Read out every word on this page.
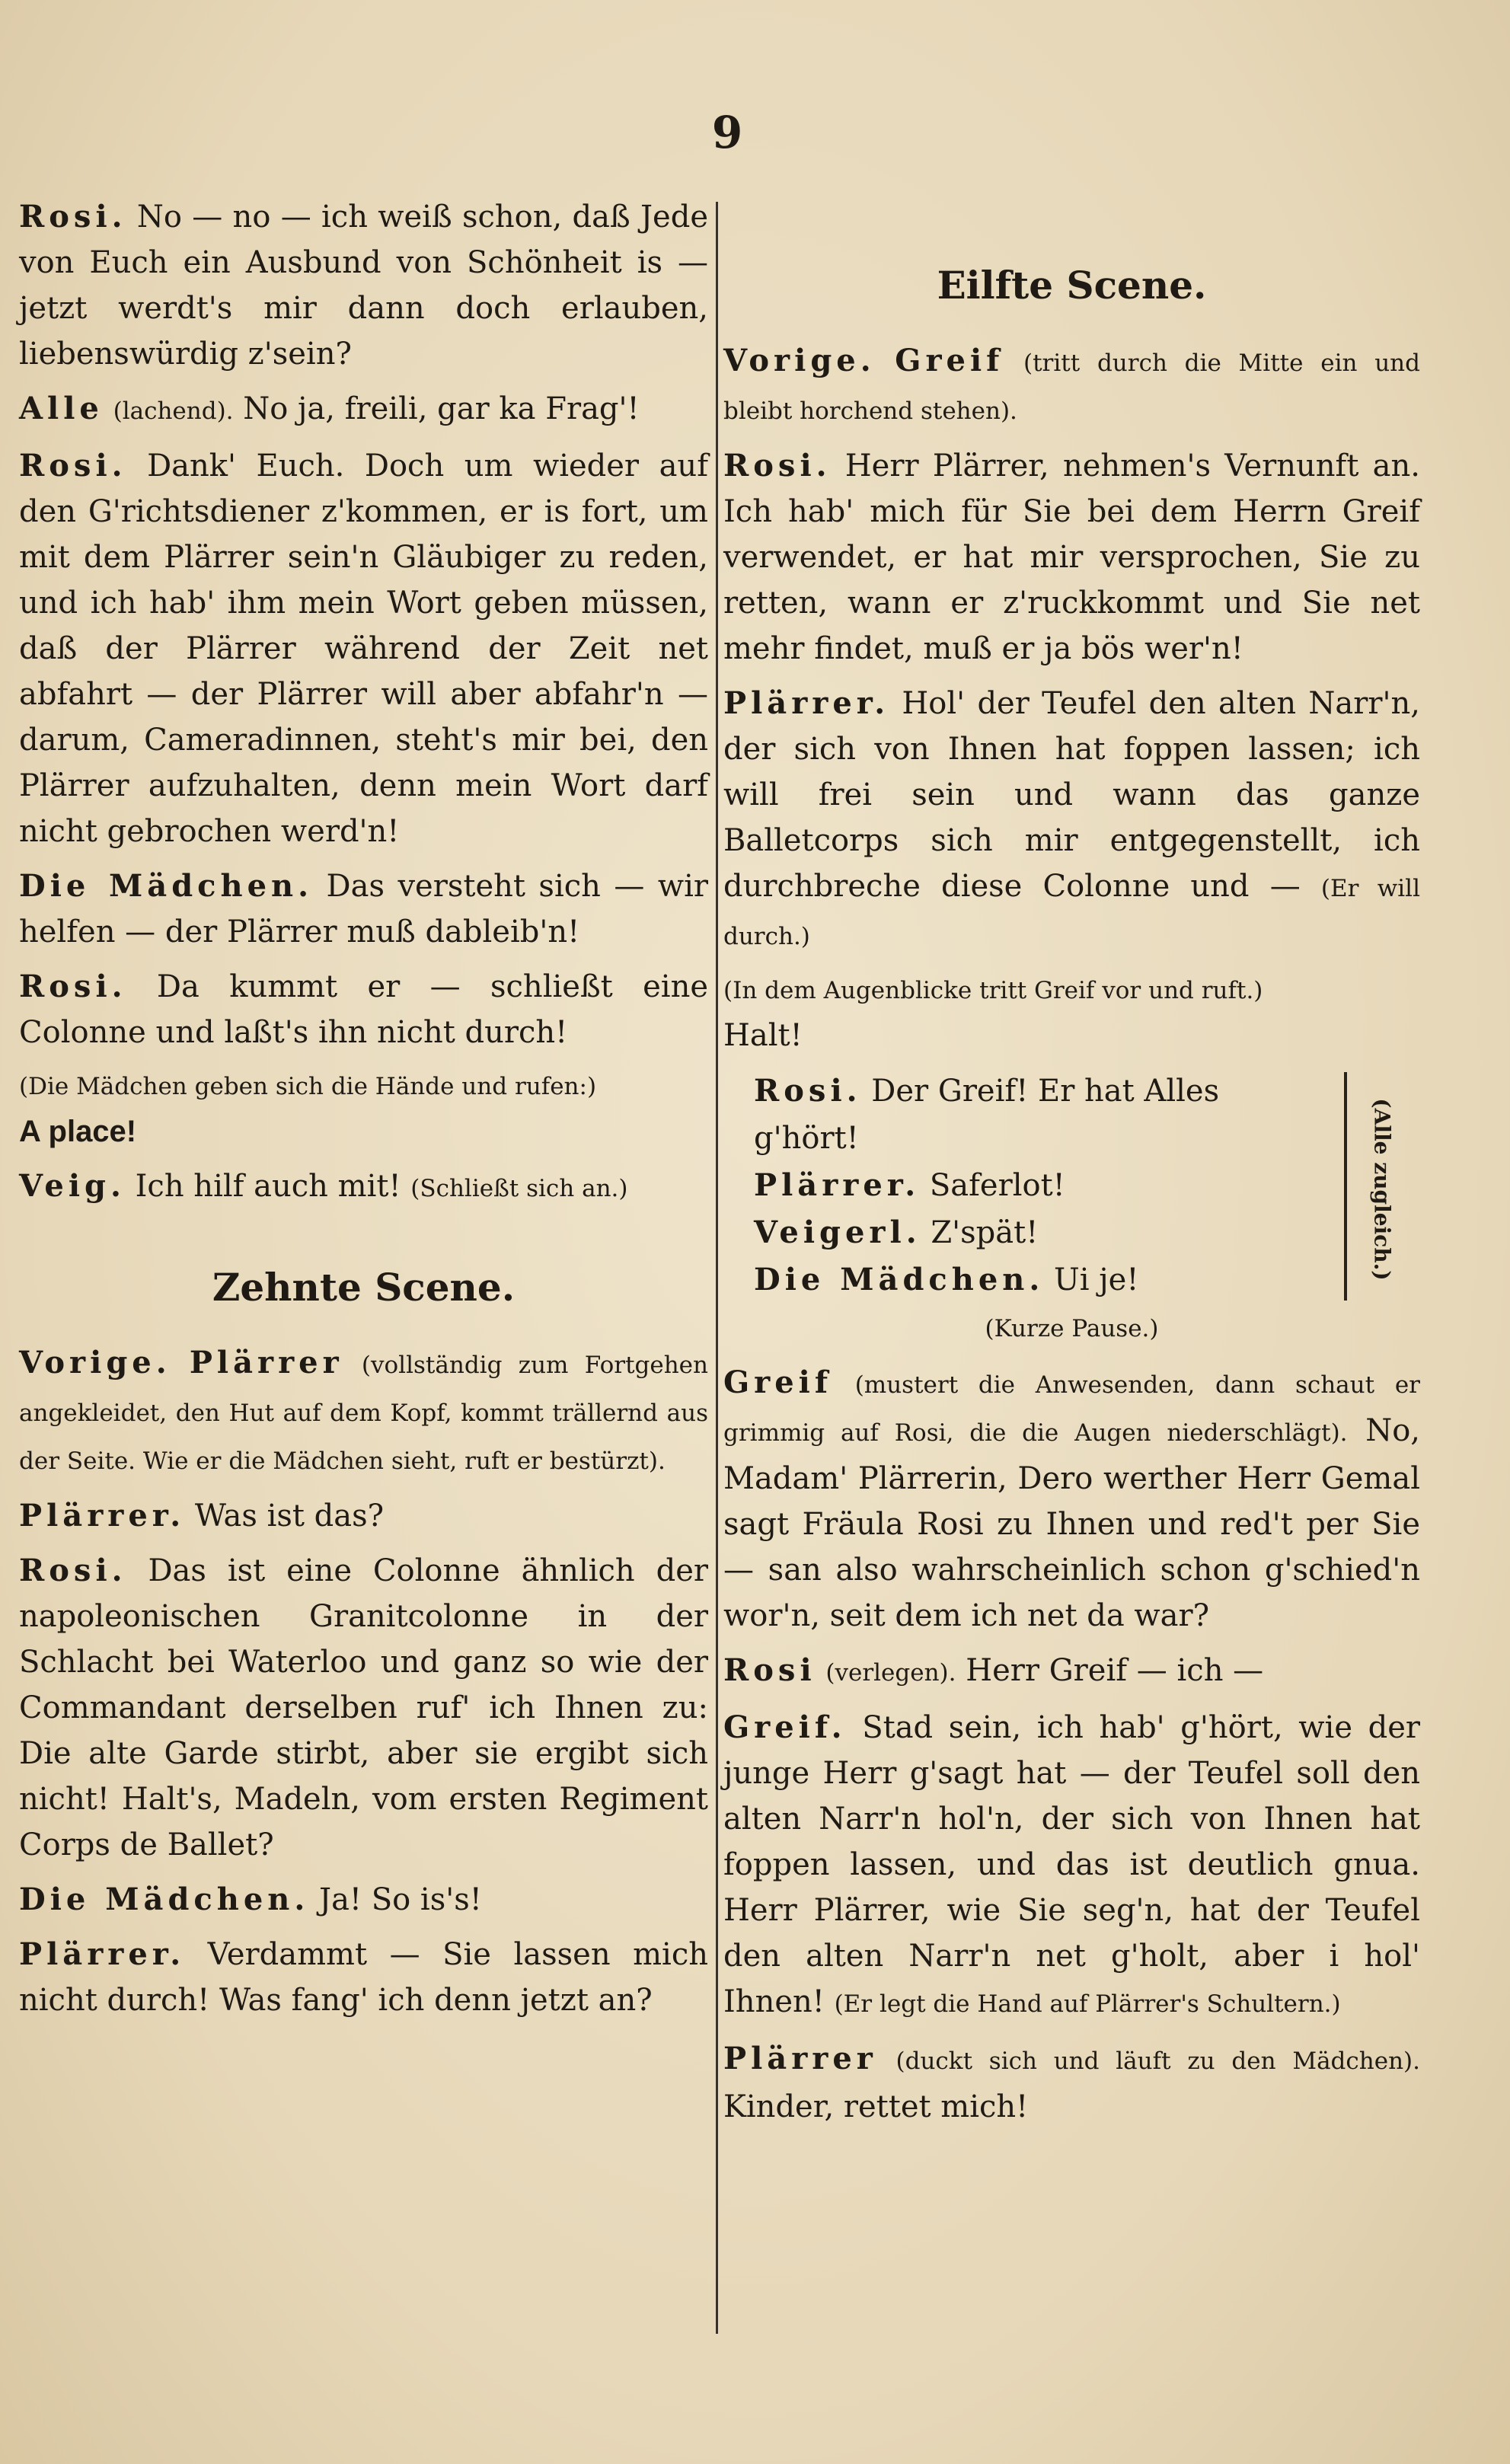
9

Rosi. No — no — ich weiß schon, daß Jede von Euch ein Ausbund von Schönheit is — jetzt werdt's mir dann doch erlauben, liebenswürdig z'sein?

Alle (lachend). No ja, freili, gar ka Frag'!

Rosi. Dank' Euch. Doch um wieder auf den G'richtsdiener z'kommen, er is fort, um mit dem Plärrer sein'n Gläubiger zu reden, und ich hab' ihm mein Wort geben müssen, daß der Plärrer während der Zeit net abfahrt — der Plärrer will aber abfahr'n — darum, Cameradinnen, steht's mir bei, den Plärrer aufzuhalten, denn mein Wort darf nicht gebrochen werd'n!

Die Mädchen. Das versteht sich — wir helfen — der Plärrer muß dableib'n!

Rosi. Da kummt er — schließt eine Colonne und laßt's ihn nicht durch!

(Die Mädchen geben sich die Hände und rufen:)

A place!

Veig. Ich hilf auch mit! (Schließt sich an.)

Zehnte Scene.

Vorige. Plärrer (vollständig zum Fortgehen angekleidet, den Hut auf dem Kopf, kommt trällernd aus der Seite. Wie er die Mädchen sieht, ruft er bestürzt).

Plärrer. Was ist das?

Rosi. Das ist eine Colonne ähnlich der napoleonischen Granitcolonne in der Schlacht bei Waterloo und ganz so wie der Commandant derselben ruf' ich Ihnen zu: Die alte Garde stirbt, aber sie ergibt sich nicht! Halt's, Madeln, vom ersten Regiment Corps de Ballet?

Die Mädchen. Ja! So is's!

Plärrer. Verdammt — Sie lassen mich nicht durch! Was fang' ich denn jetzt an?

Eilfte Scene.

Vorige. Greif (tritt durch die Mitte ein und bleibt horchend stehen).

Rosi. Herr Plärrer, nehmen's Vernunft an. Ich hab' mich für Sie bei dem Herrn Greif verwendet, er hat mir versprochen, Sie zu retten, wann er z'ruckkommt und Sie net mehr findet, muß er ja bös wer'n!

Plärrer. Hol' der Teufel den alten Narr'n, der sich von Ihnen hat foppen lassen; ich will frei sein und wann das ganze Balletcorps sich mir entgegenstellt, ich durchbreche diese Colonne und — (Er will durch.)

(In dem Augenblicke tritt Greif vor und ruft.)

Halt!

Rosi. Der Greif! Er hat Alles g'hört!
Plärrer. Saferlot!
Veigerl. Z'spät!
Die Mädchen. Ui je!	(Alle zugleich.)

(Kurze Pause.)

Greif (mustert die Anwesenden, dann schaut er grimmig auf Rosi, die die Augen niederschlägt). No, Madam' Plärrerin, Dero werther Herr Gemal sagt Fräula Rosi zu Ihnen und red't per Sie — san also wahrscheinlich schon g'schied'n wor'n, seit dem ich net da war?

Rosi (verlegen). Herr Greif — ich —

Greif. Stad sein, ich hab' g'hört, wie der junge Herr g'sagt hat — der Teufel soll den alten Narr'n hol'n, der sich von Ihnen hat foppen lassen, und das ist deutlich gnua. Herr Plärrer, wie Sie seg'n, hat der Teufel den alten Narr'n net g'holt, aber i hol' Ihnen! (Er legt die Hand auf Plärrer's Schultern.)

Plärrer (duckt sich und läuft zu den Mädchen). Kinder, rettet mich!
